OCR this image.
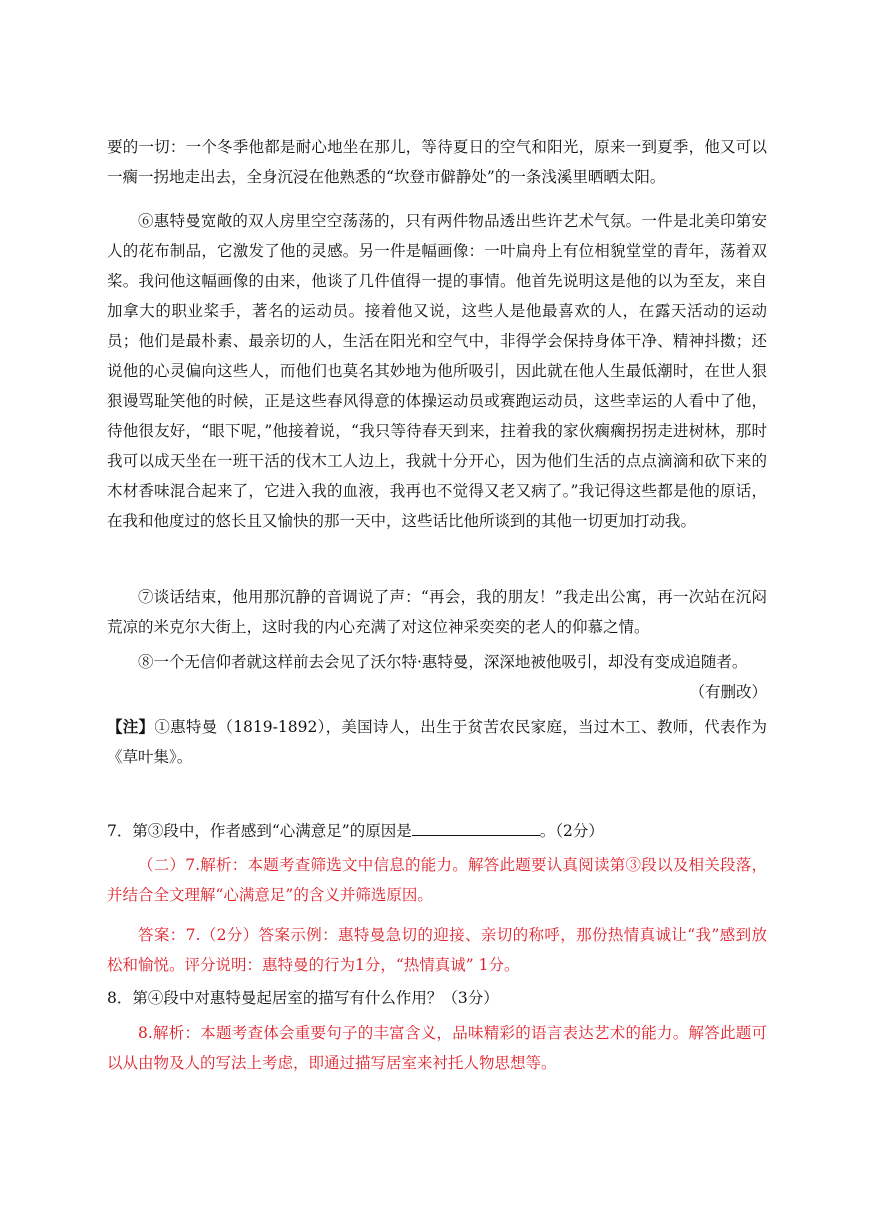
要的一切：一个冬季他都是耐心地坐在那儿，等待夏日的空气和阳光，原来一到夏季，他又可以一瘸一拐地走出去，全身沉浸在他熟悉的“坎登市僻静处”的一条浅溪里晒晒太阳。

⑥惠特曼宽敞的双人房里空空荡荡的，只有两件物品透出些许艺术气氛。一件是北美印第安人的花布制品，它激发了他的灵感。另一件是幅画像：一叶扁舟上有位相貌堂堂的青年，荡着双桨。我问他这幅画像的由来，他谈了几件值得一提的事情。他首先说明这是他的以为至友，来自加拿大的职业桨手，著名的运动员。接着他又说，这些人是他最喜欢的人，在露天活动的运动员；他们是最朴素、最亲切的人，生活在阳光和空气中，非得学会保持身体干净、精神抖擞；还说他的心灵偏向这些人，而他们也莫名其妙地为他所吸引，因此就在他人生最低潮时，在世人狠狠谩骂耻笑他的时候，正是这些春风得意的体操运动员或赛跑运动员，这些幸运的人看中了他，待他很友好，“眼下呢，”他接着说，“我只等待春天到来，拄着我的家伙瘸瘸拐拐走进树林，那时我可以成天坐在一班干活的伐木工人边上，我就十分开心，因为他们生活的点点滴滴和砍下来的木材香味混合起来了，它进入我的血液，我再也不觉得又老又病了。”我记得这些都是他的原话，在我和他度过的悠长且又愉快的那一天中，这些话比他所谈到的其他一切更加打动我。

⑦谈话结束，他用那沉静的音调说了声：“再会，我的朋友！”我走出公寓，再一次站在沉闷荒凉的米克尔大街上，这时我的内心充满了对这位神采奕奕的老人的仰慕之情。

⑧一个无信仰者就这样前去会见了沃尔特·惠特曼，深深地被他吸引，却没有变成追随者。

（有删改）

【注】①惠特曼（1819-1892），美国诗人，出生于贫苦农民家庭，当过木工、教师，代表作为《草叶集》。

7．第③段中，作者感到“心满意足”的原因是	。（2分）

（二）7.解析：本题考查筛选文中信息的能力。解答此题要认真阅读第③段以及相关段落，并结合全文理解“心满意足”的含义并筛选原因。

答案：7.（2分）答案示例：惠特曼急切的迎接、亲切的称呼，那份热情真诚让“我”感到放松和愉悦。评分说明：惠特曼的行为1分，“热情真诚” 1分。

8．第④段中对惠特曼起居室的描写有什么作用？（3分）

8.解析：本题考查体会重要句子的丰富含义，品味精彩的语言表达艺术的能力。解答此题可以从由物及人的写法上考虑，即通过描写居室来衬托人物思想等。
